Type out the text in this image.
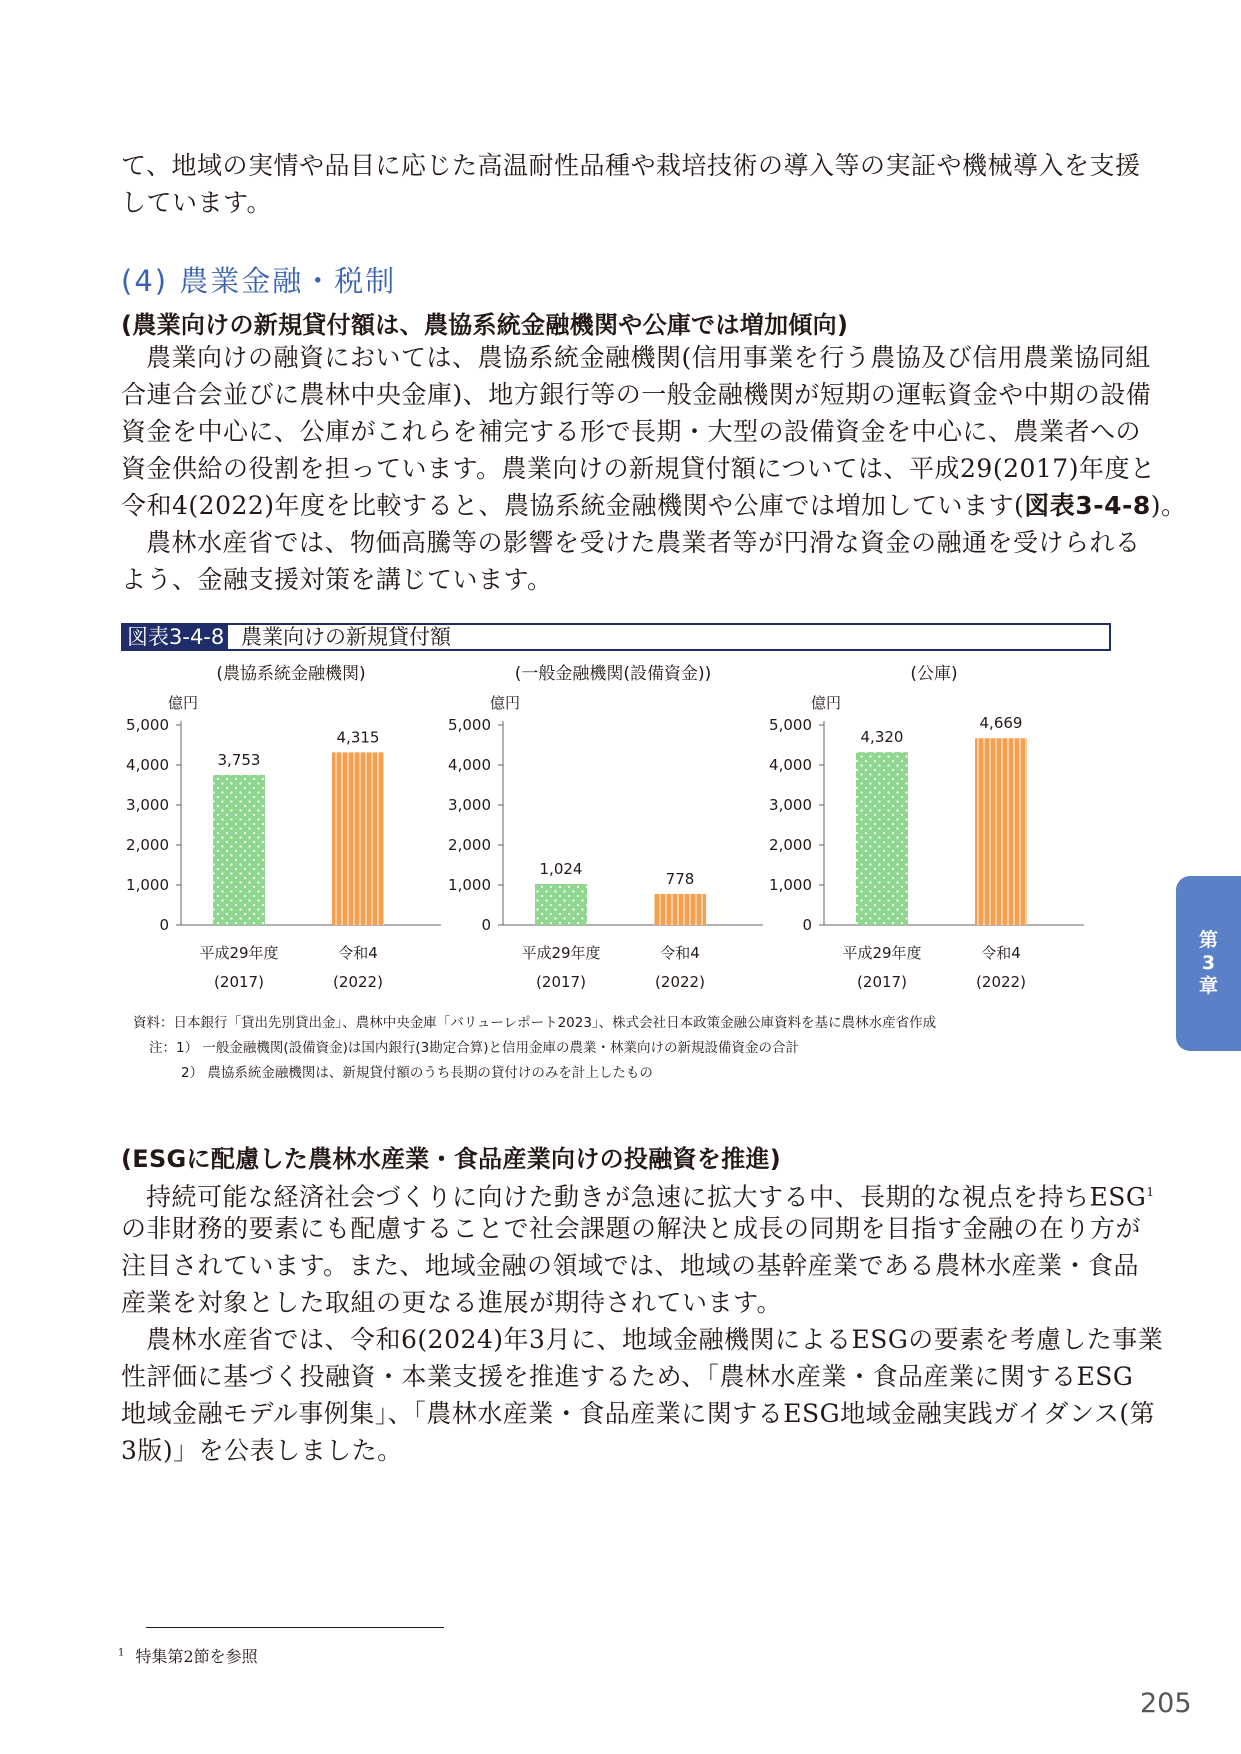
て、地域の実情や品目に応じた高温耐性品種や栽培技術の導入等の実証や機械導入を支援
しています。
(4) 農業金融・税制
(農業向けの新規貸付額は、農協系統金融機関や公庫では増加傾向)
農業向けの融資においては、農協系統金融機関(信用事業を行う農協及び信用農業協同組
合連合会並びに農林中央金庫)、地方銀行等の一般金融機関が短期の運転資金や中期の設備
資金を中心に、公庫がこれらを補完する形で長期・大型の設備資金を中心に、農業者への
資金供給の役割を担っています。農業向けの新規貸付額については、平成29(2017)年度と
令和4(2022)年度を比較すると、農協系統金融機関や公庫では増加しています(図表3-4-8)。
農林水産省では、物価高騰等の影響を受けた農業者等が円滑な資金の融通を受けられる
よう、金融支援対策を講じています。
図表3-4-8 農業向けの新規貸付額
(農協系統金融機関)
億円
5,000
4,000
3,000
2,000
1,000
0
3,753
平成29年度
(2017)
4,315
令和4
(2022)
(一般金融機関(設備資金))
億円
5,000
4,000
3,000
2,000
1,000
0
1,024
平成29年度
(2017)
778
令和4
(2022)
(公庫)
億円
5,000
4,000
3,000
2,000
1,000
0
4,320
平成29年度
(2017)
4,669
令和4
(2022)
資料：日本銀行「貸出先別貸出金」、農林中央金庫「バリューレポート2023」、株式会社日本政策金融公庫資料を基に農林水産省作成
注：1） 一般金融機関(設備資金)は国内銀行(3勘定合算)と信用金庫の農業・林業向けの新規設備資金の合計
2） 農協系統金融機関は、新規貸付額のうち長期の貸付けのみを計上したもの
(ESGに配慮した農林水産業・食品産業向けの投融資を推進)
持続可能な経済社会づくりに向けた動きが急速に拡大する中、長期的な視点を持ちESG$^1$
の非財務的要素にも配慮することで社会課題の解決と成長の同期を目指す金融の在り方が
注目されています。また、地域金融の領域では、地域の基幹産業である農林水産業・食品
産業を対象とした取組の更なる進展が期待されています。
農林水産省では、令和6(2024)年3月に、地域金融機関によるESGの要素を考慮した事業
性評価に基づく投融資・本業支援を推進するため、「農林水産業・食品産業に関するESG
地域金融モデル事例集」、「農林水産業・食品産業に関するESG地域金融実践ガイダンス(第
3版)」を公表しました。
第
3
章
$^1$ 特集第2節を参照
205
